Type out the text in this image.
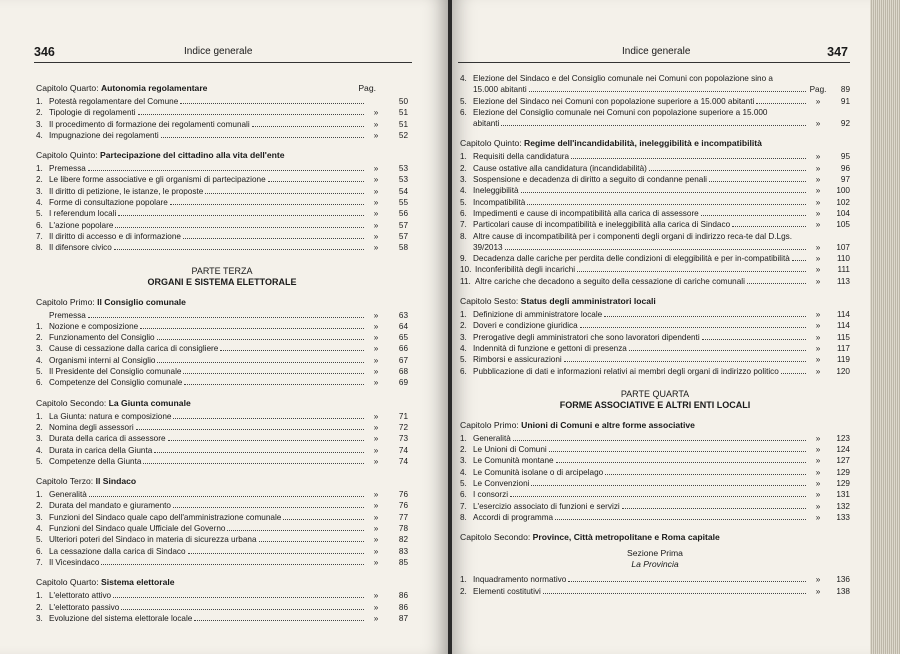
346	Indice generale
Capitolo Quarto: Autonomia regolamentare	Pag.
1. Potestà regolamentare del Comune	50
2. Tipologie di regolamenti	»	51
3. Il procedimento di formazione dei regolamenti comunali	»	51
4. Impugnazione dei regolamenti	»	52
Capitolo Quinto: Partecipazione del cittadino alla vita dell'ente
1. Premessa	»	53
2. Le libere forme associative e gli organismi di partecipazione	»	53
3. Il diritto di petizione, le istanze, le proposte	»	54
4. Forme di consultazione popolare	»	55
5. I referendum locali	»	56
6. L'azione popolare	»	57
7. Il diritto di accesso e di informazione	»	57
8. Il difensore civico	»	58
PARTE TERZA
ORGANI E SISTEMA ELETTORALE
Capitolo Primo: Il Consiglio comunale
Premessa	»	63
1. Nozione e composizione	»	64
2. Funzionamento del Consiglio	»	65
3. Cause di cessazione dalla carica di consigliere	»	66
4. Organismi interni al Consiglio	»	67
5. Il Presidente del Consiglio comunale	»	68
6. Competenze del Consiglio comunale	»	69
Capitolo Secondo: La Giunta comunale
1. La Giunta: natura e composizione	»	71
2. Nomina degli assessori	»	72
3. Durata della carica di assessore	»	73
4. Durata in carica della Giunta	»	74
5. Competenze della Giunta	»	74
Capitolo Terzo: Il Sindaco
1. Generalità	»	76
2. Durata del mandato e giuramento	»	76
3. Funzioni del Sindaco quale capo dell'amministrazione comunale	»	77
4. Funzioni del Sindaco quale Ufficiale del Governo	»	78
5. Ulteriori poteri del Sindaco in materia di sicurezza urbana	»	82
6. La cessazione dalla carica di Sindaco	»	83
7. Il Vicesindaco	»	85
Capitolo Quarto: Sistema elettorale
1. L'elettorato attivo	»	86
2. L'elettorato passivo	»	86
3. Evoluzione del sistema elettorale locale	»	87
Indice generale	347
4. Elezione del Sindaco e del Consiglio comunale nei Comuni con popolazione sino a 15.000 abitanti	Pag.	89
5. Elezione del Sindaco nei Comuni con popolazione superiore a 15.000 abitanti	»	91
6. Elezione del Consiglio comunale nei Comuni con popolazione superiore a 15.000 abitanti	»	92
Capitolo Quinto: Regime dell'incandidabilità, ineleggibilità e incompatibilità
1. Requisiti della candidatura	»	95
2. Cause ostative alla candidatura (incandidabilità)	»	96
3. Sospensione e decadenza di diritto a seguito di condanne penali	»	97
4. Ineleggibilità	»	100
5. Incompatibilità	»	102
6. Impedimenti e cause di incompatibilità alla carica di assessore	»	104
7. Particolari cause di incompatibilità e ineleggibilità alla carica di Sindaco	»	105
8. Altre cause di incompatibilità per i componenti degli organi di indirizzo reca-te dal D.Lgs. 39/2013	»	107
9. Decadenza dalle cariche per perdita delle condizioni di eleggibilità e per in-compatibilità	»	110
10. Inconferibilità degli incarichi	»	111
11. Altre cariche che decadono a seguito della cessazione di cariche comunali	»	113
Capitolo Sesto: Status degli amministratori locali
1. Definizione di amministratore locale	»	114
2. Doveri e condizione giuridica	»	114
3. Prerogative degli amministratori che sono lavoratori dipendenti	»	115
4. Indennità di funzione e gettoni di presenza	»	117
5. Rimborsi e assicurazioni	»	119
6. Pubblicazione di dati e informazioni relativi ai membri degli organi di indirizzo politico	»	120
PARTE QUARTA
FORME ASSOCIATIVE E ALTRI ENTI LOCALI
Capitolo Primo: Unioni di Comuni e altre forme associative
1. Generalità	»	123
2. Le Unioni di Comuni	»	124
3. Le Comunità montane	»	127
4. Le Comunità isolane o di arcipelago	»	129
5. Le Convenzioni	»	129
6. I consorzi	»	131
7. L'esercizio associato di funzioni e servizi	»	132
8. Accordi di programma	»	133
Capitolo Secondo: Province, Città metropolitane e Roma capitale
Sezione Prima
La Provincia
1. Inquadramento normativo	»	136
2. Elementi costitutivi	»	138
